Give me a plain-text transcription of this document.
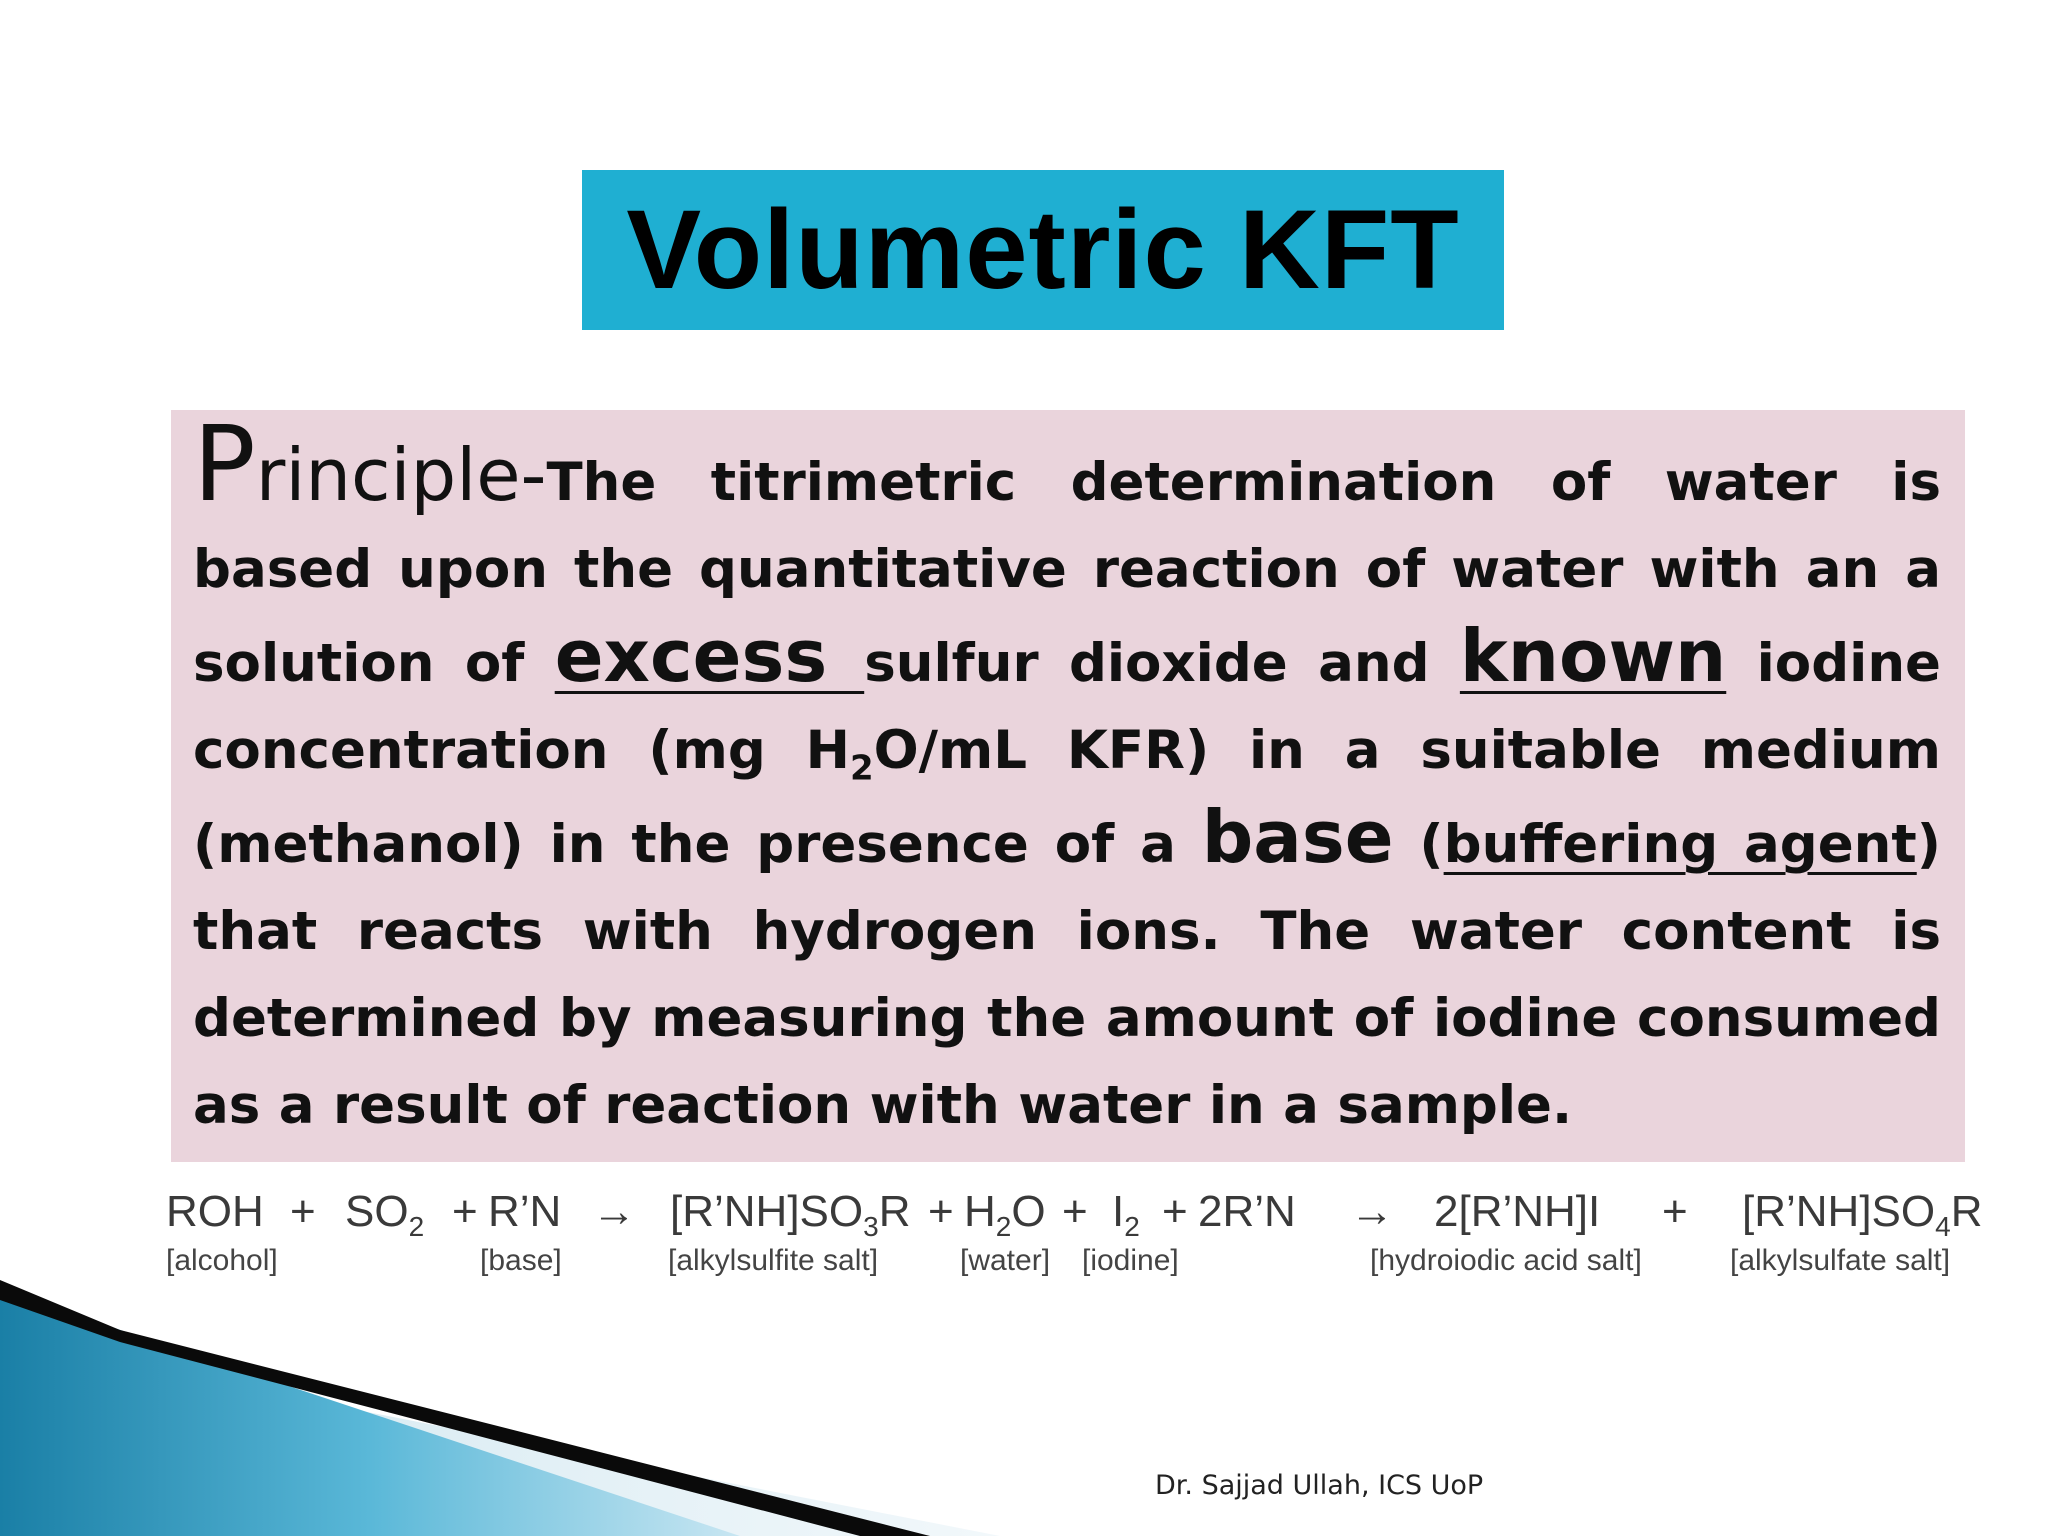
Volumetric KFT

Principle-The titrimetric determination of water is based upon the quantitative reaction of water with an a solution of excess sulfur dioxide and known iodine concentration (mg $H_2O/mL$ KFR) in a suitable medium (methanol) in the presence of a base (buffering agent) that reacts with hydrogen ions. The water content is determined by measuring the amount of iodine consumed as a result of reaction with water in a sample.

ROH + $SO_2$ + R’N → $[R’NH]SO_3R + H_2O + I_2$ + 2R’N → 2[R’NH]I + $[R’NH]SO_4R$
[alcohol]	[base]	[alkylsulfite salt]	[water] [iodine]	[hydroiodic acid salt]	[alkylsulfate salt]
Dr. Sajjad Ullah, ICS UoP
